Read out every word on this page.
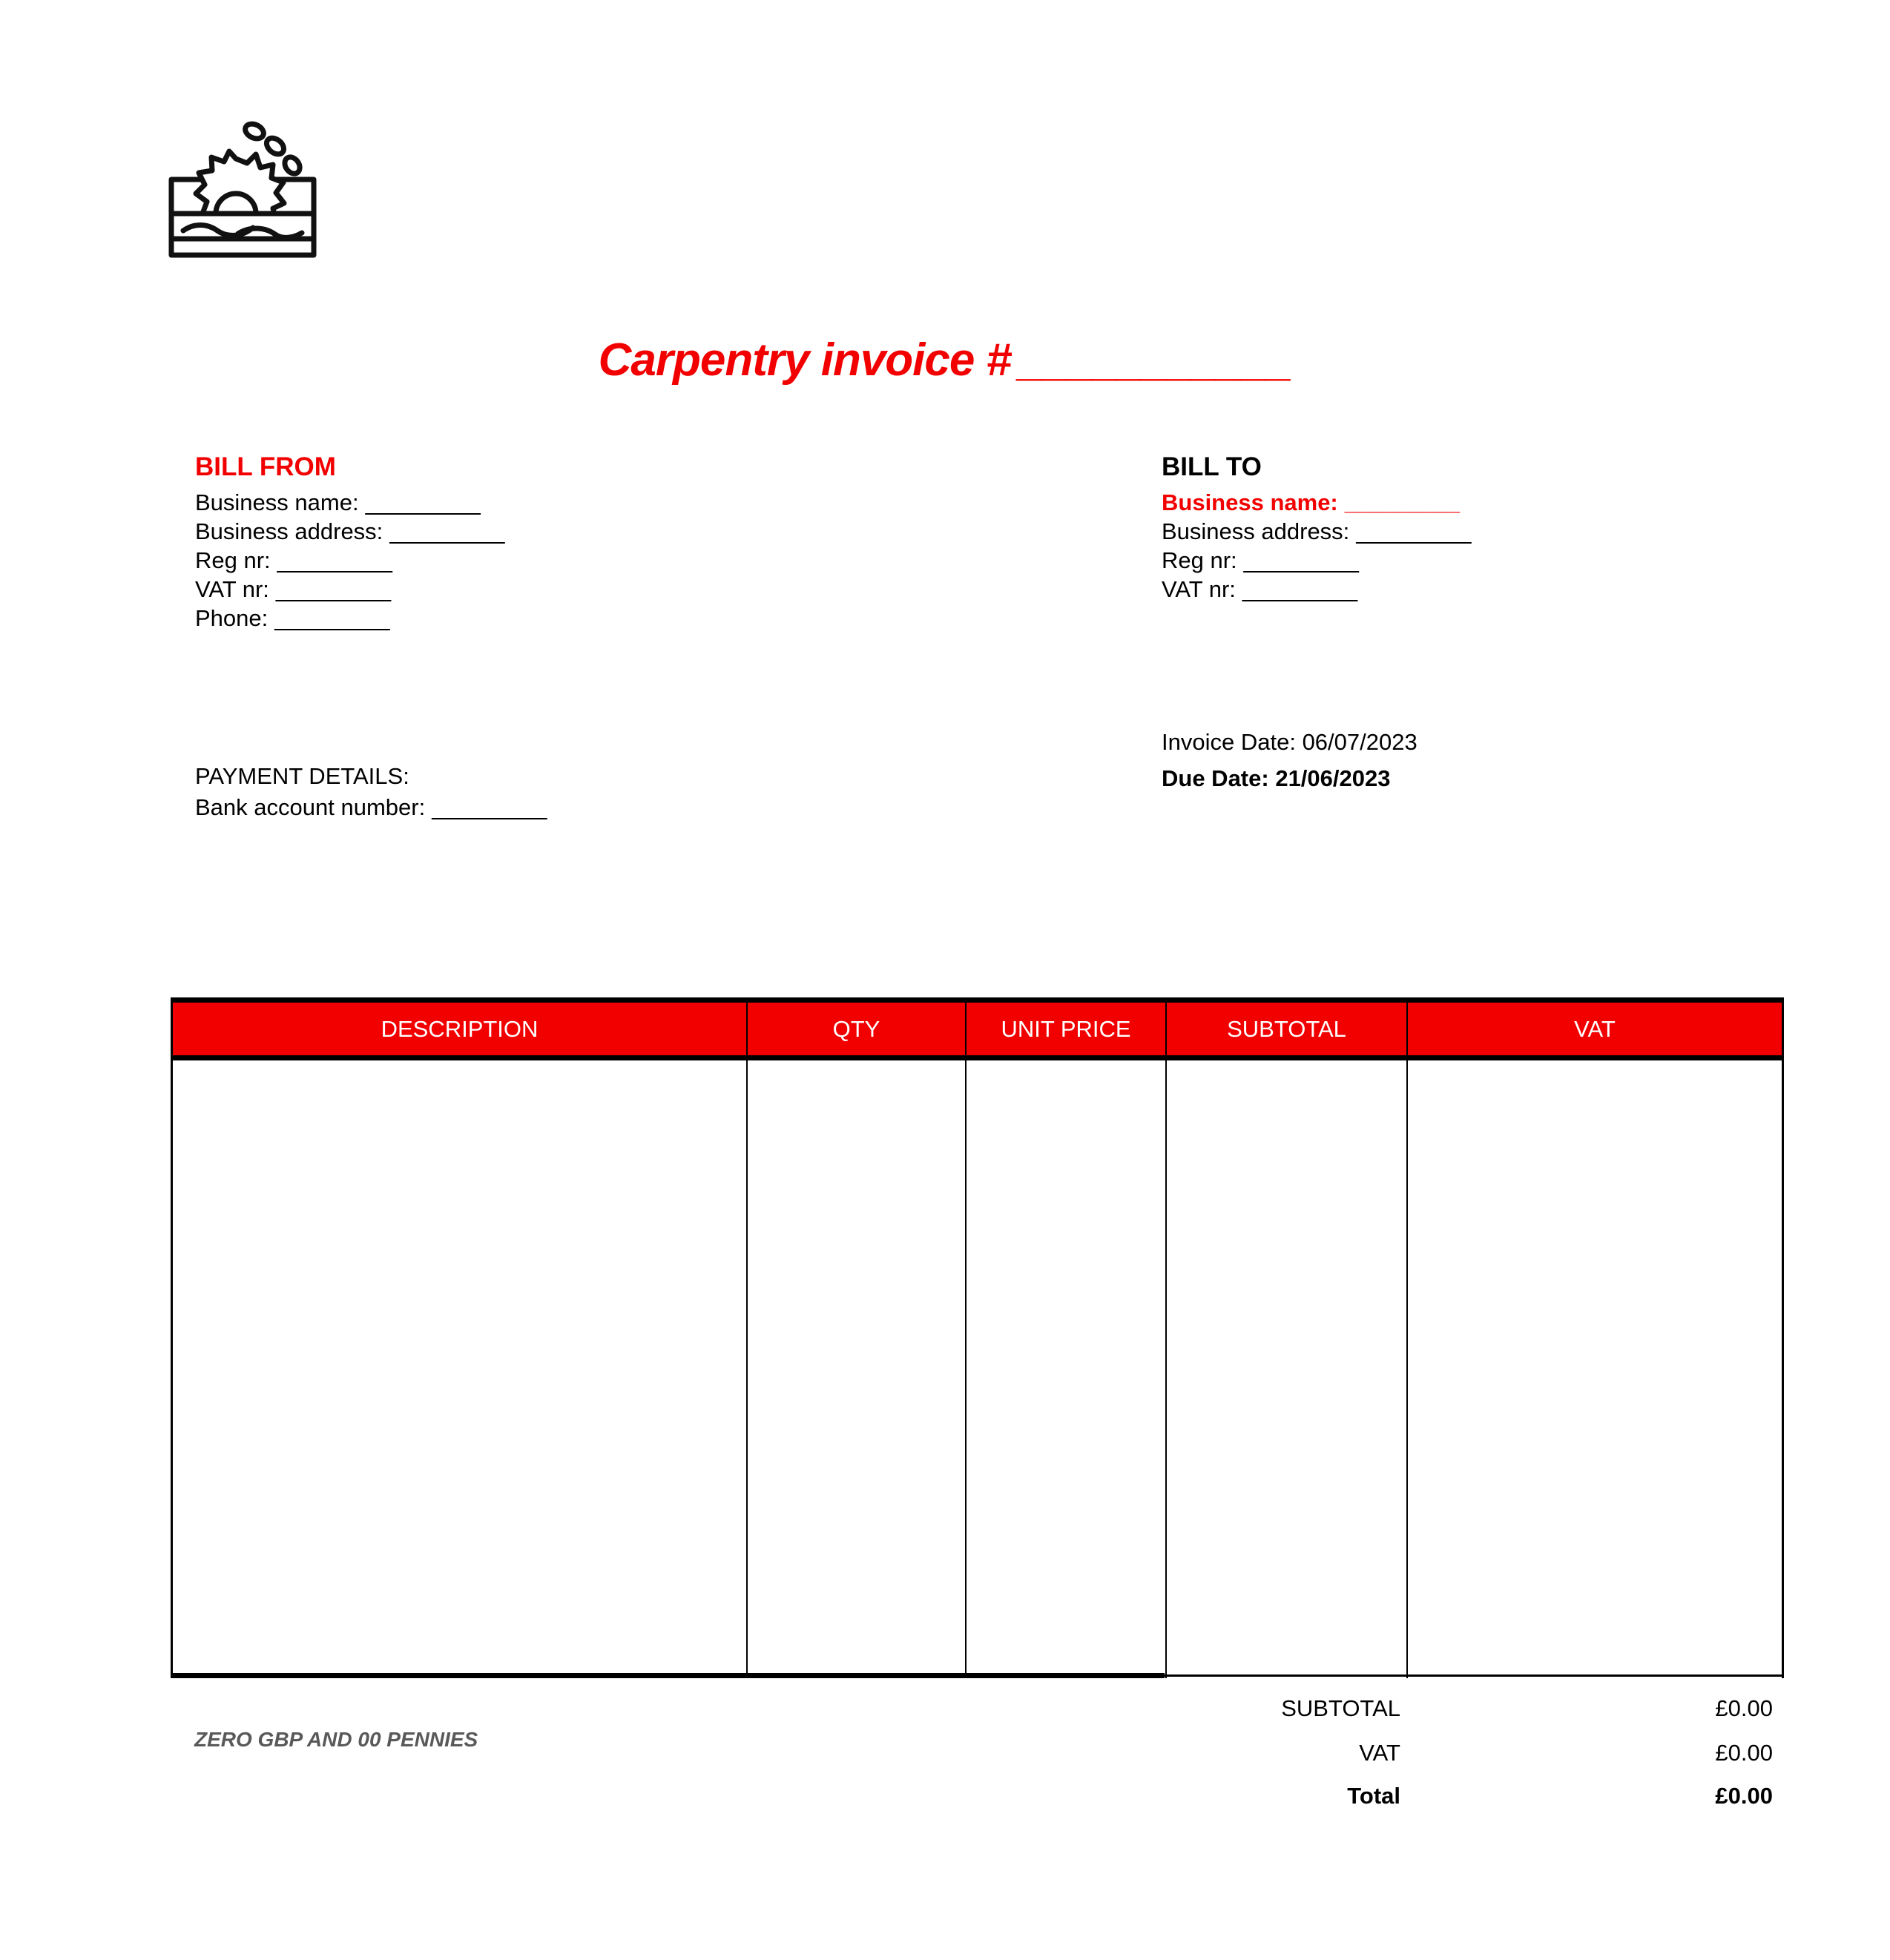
Carpentry invoice # ___________
BILL FROM
Business name: _________
Business address: _________
Reg nr: _________
VAT nr: _________
Phone: _________
BILL TO
Business name: _________
Business address: _________
Reg nr: _________
VAT nr: _________
Invoice Date: 06/07/2023
Due Date: 21/06/2023
PAYMENT DETAILS:
Bank account number: _________
DESCRIPTION	QTY	UNIT PRICE	SUBTOTAL	VAT
SUBTOTAL	£0.00
VAT	£0.00
Total	£0.00
ZERO GBP AND 00 PENNIES
